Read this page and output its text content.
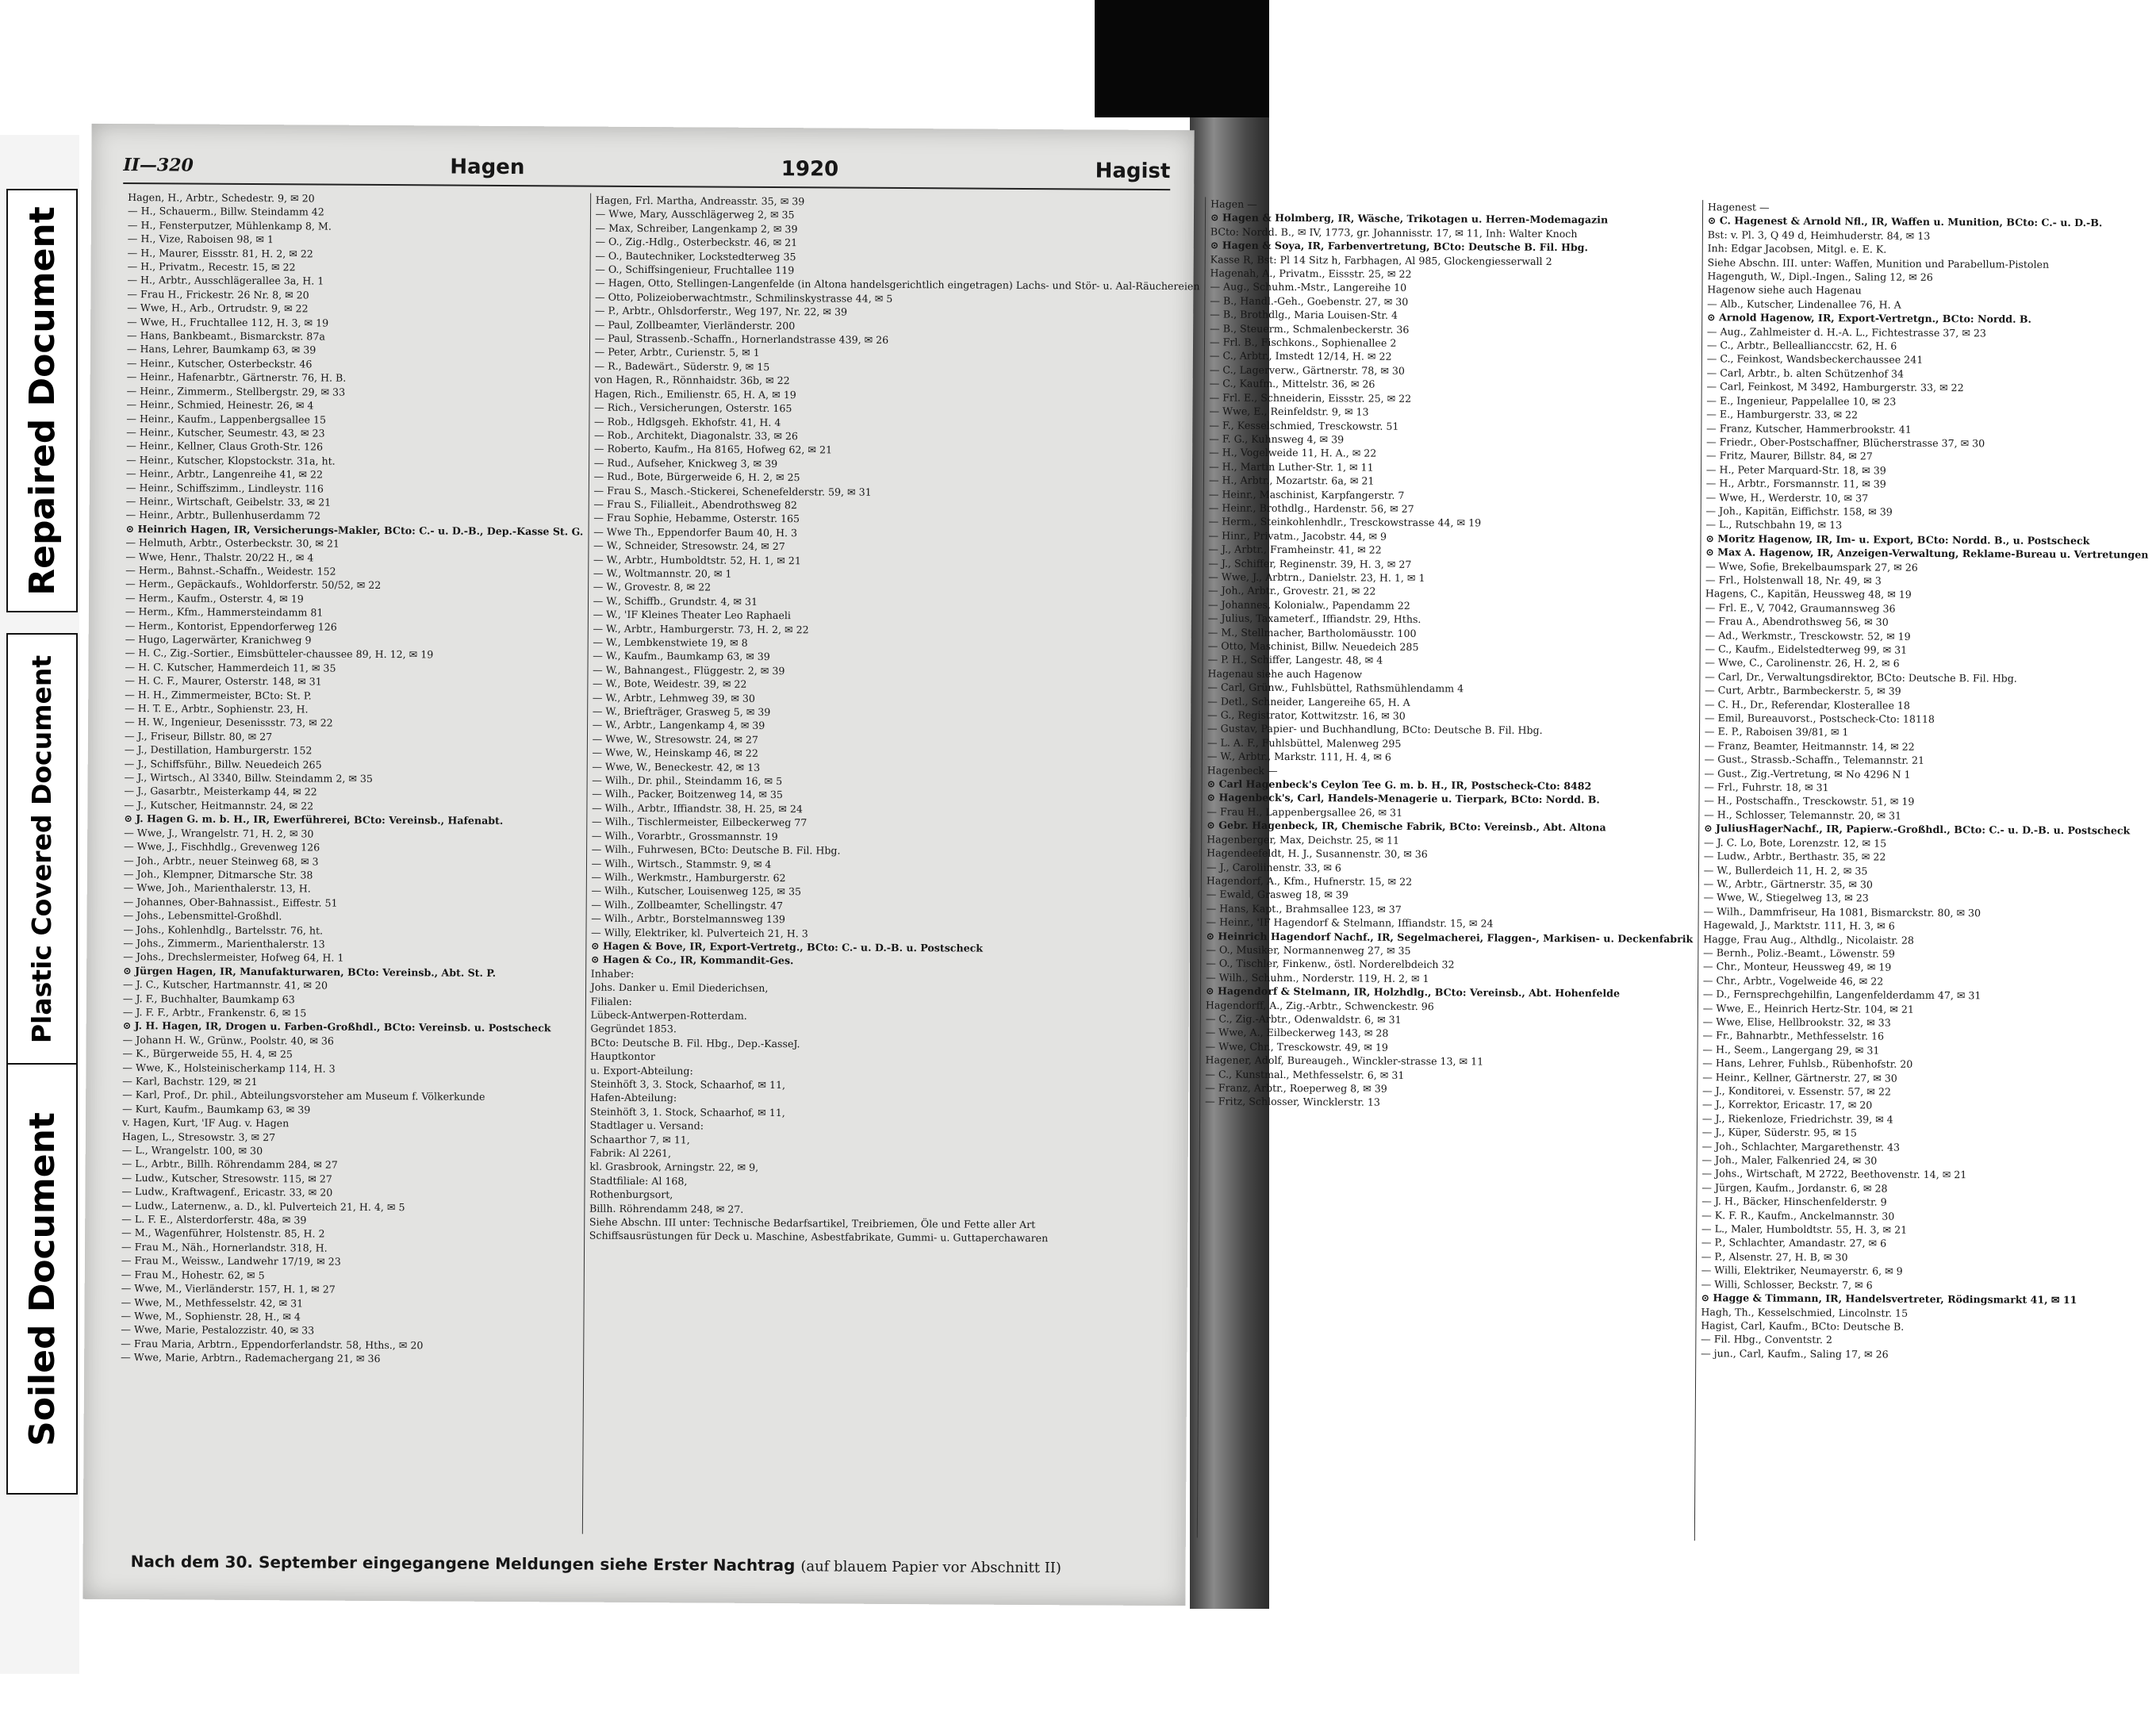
Repaired Document
Plastic Covered Document
Soiled Document
II—320	Hagen	1920	Hagist
Hagen, H., Arbtr., Schedestr. 9, ✉ 20
— H., Schauerm., Billw. Steindamm 42
— H., Fensterputzer, Mühlenkamp 8, M.
— H., Vize, Raboisen 98, ✉ 1
— H., Maurer, Eissstr. 81, H. 2, ✉ 22
— H., Privatm., Recestr. 15, ✉ 22
— H., Arbtr., Ausschlägerallee 3a, H. 1
— Frau H., Frickestr. 26 Nr. 8, ✉ 20
— Wwe, H., Arb., Ortrudstr. 9, ✉ 22
— Wwe, H., Fruchtallee 112, H. 3, ✉ 19
— Hans, Bankbeamt., Bismarckstr. 87a
— Hans, Lehrer, Baumkamp 63, ✉ 39
— Heinr., Kutscher, Osterbeckstr. 46
— Heinr., Hafenarbtr., Gärtnerstr. 76, H. B.
— Heinr., Zimmerm., Stellbergstr. 29, ✉ 33
— Heinr., Schmied, Heinestr. 26, ✉ 4
— Heinr., Kaufm., Lappenbergsallee 15
— Heinr., Kutscher, Seumestr. 43, ✉ 23
— Heinr., Kellner, Claus Groth-Str. 126
— Heinr., Kutscher, Klopstockstr. 31a, ht.
— Heinr., Arbtr., Langenreihe 41, ✉ 22
— Heinr., Schiffszimm., Lindleystr. 116
— Heinr., Wirtschaft, Geibelstr. 33, ✉ 21
— Heinr., Arbtr., Bullenhuserdamm 72
⊙ Heinrich Hagen, IR, Versicherungs-Makler, BCto: C.- u. D.-B., Dep.-Kasse St. G.
— Helmuth, Arbtr., Osterbeckstr. 30, ✉ 21
— Wwe, Henr., Thalstr. 20/22 H., ✉ 4
— Herm., Bahnst.-Schaffn., Weidestr. 152
— Herm., Gepäckaufs., Wohldorferstr. 50/52, ✉ 22
— Herm., Kaufm., Osterstr. 4, ✉ 19
— Herm., Kfm., Hammersteindamm 81
— Herm., Kontorist, Eppendorferweg 126
— Hugo, Lagerwärter, Kranichweg 9
— H. C., Zig.-Sortier., Eimsbütteler-chaussee 89, H. 12, ✉ 19
— H. C. Kutscher, Hammerdeich 11, ✉ 35
— H. C. F., Maurer, Osterstr. 148, ✉ 31
— H. H., Zimmermeister, BCto: St. P.
— H. T. E., Arbtr., Sophienstr. 23, H.
— H. W., Ingenieur, Desenissstr. 73, ✉ 22
— J., Friseur, Billstr. 80, ✉ 27
— J., Destillation, Hamburgerstr. 152
— J., Schiffsführ., Billw. Neuedeich 265
— J., Wirtsch., Al 3340, Billw. Steindamm 2, ✉ 35
— J., Gasarbtr., Meisterkamp 44, ✉ 22
— J., Kutscher, Heitmannstr. 24, ✉ 22
⊙ J. Hagen G. m. b. H., IR, Ewerführerei, BCto: Vereinsb., Hafenabt.
— Wwe, J., Wrangelstr. 71, H. 2, ✉ 30
— Wwe, J., Fischhdlg., Grevenweg 126
— Joh., Arbtr., neuer Steinweg 68, ✉ 3
— Joh., Klempner, Ditmarsche Str. 38
— Wwe, Joh., Marienthalerstr. 13, H.
— Johannes, Ober-Bahnassist., Eiffestr. 51
— Johs., Lebensmittel-Großhdl.
— Johs., Kohlenhdlg., Bartelsstr. 76, ht.
— Johs., Zimmerm., Marienthalerstr. 13
— Johs., Drechslermeister, Hofweg 64, H. 1
⊙ Jürgen Hagen, IR, Manufakturwaren, BCto: Vereinsb., Abt. St. P.
— J. C., Kutscher, Hartmannstr. 41, ✉ 20
— J. F., Buchhalter, Baumkamp 63
— J. F. F., Arbtr., Frankenstr. 6, ✉ 15
⊙ J. H. Hagen, IR, Drogen u. Farben-Großhdl., BCto: Vereinsb. u. Postscheck
— Johann H. W., Grünw., Poolstr. 40, ✉ 36
— K., Bürgerweide 55, H. 4, ✉ 25
— Wwe, K., Holsteinischerkamp 114, H. 3
— Karl, Bachstr. 129, ✉ 21
— Karl, Prof., Dr. phil., Abteilungsvorsteher am Museum f. Völkerkunde
— Kurt, Kaufm., Baumkamp 63, ✉ 39
v. Hagen, Kurt, 'IF Aug. v. Hagen
Hagen, L., Stresowstr. 3, ✉ 27
— L., Wrangelstr. 100, ✉ 30
— L., Arbtr., Billh. Röhrendamm 284, ✉ 27
— Ludw., Kutscher, Stresowstr. 115, ✉ 27
— Ludw., Kraftwagenf., Ericastr. 33, ✉ 20
— Ludw., Laternenw., a. D., kl. Pulverteich 21, H. 4, ✉ 5
— L. F. E., Alsterdorferstr. 48a, ✉ 39
— M., Wagenführer, Holstenstr. 85, H. 2
— Frau M., Näh., Hornerlandstr. 318, H.
— Frau M., Weissw., Landwehr 17/19, ✉ 23
— Frau M., Hohestr. 62, ✉ 5
— Wwe, M., Vierländerstr. 157, H. 1, ✉ 27
— Wwe, M., Methfesselstr. 42, ✉ 31
— Wwe, M., Sophienstr. 28, H., ✉ 4
— Wwe, Marie, Pestalozzistr. 40, ✉ 33
— Frau Maria, Arbtrn., Eppendorferlandstr. 58, Hths., ✉ 20
— Wwe, Marie, Arbtrn., Rademachergang 21, ✉ 36
Hagen, Frl. Martha, Andreasstr. 35, ✉ 39
— Wwe, Mary, Ausschlägerweg 2, ✉ 35
— Max, Schreiber, Langenkamp 2, ✉ 39
— O., Zig.-Hdlg., Osterbeckstr. 46, ✉ 21
— O., Bautechniker, Lockstedterweg 35
— O., Schiffsingenieur, Fruchtallee 119
— Hagen, Otto, Stellingen-Langenfelde (in Altona handelsgerichtlich eingetragen) Lachs- und Stör- u. Aal-Räuchereien
— Otto, Polizeioberwachtmstr., Schmilinskystrasse 44, ✉ 5
— P., Arbtr., Ohlsdorferstr., Weg 197, Nr. 22, ✉ 39
— Paul, Zollbeamter, Vierländerstr. 200
— Paul, Strassenb.-Schaffn., Hornerlandstrasse 439, ✉ 26
— Peter, Arbtr., Curienstr. 5, ✉ 1
— R., Badewärt., Süderstr. 9, ✉ 15
von Hagen, R., Rönnhaidstr. 36b, ✉ 22
Hagen, Rich., Emilienstr. 65, H. A, ✉ 19
— Rich., Versicherungen, Osterstr. 165
— Rob., Hdlgsgeh. Ekhofstr. 41, H. 4
— Rob., Architekt, Diagonalstr. 33, ✉ 26
— Roberto, Kaufm., Ha 8165, Hofweg 62, ✉ 21
— Rud., Aufseher, Knickweg 3, ✉ 39
— Rud., Bote, Bürgerweide 6, H. 2, ✉ 25
— Frau S., Masch.-Stickerei, Schenefelderstr. 59, ✉ 31
— Frau S., Filialleit., Abendrothsweg 82
— Frau Sophie, Hebamme, Osterstr. 165
— Wwe Th., Eppendorfer Baum 40, H. 3
— W., Schneider, Stresowstr. 24, ✉ 27
— W., Arbtr., Humboldtstr. 52, H. 1, ✉ 21
— W., Woltmannstr. 20, ✉ 1
— W., Grovestr. 8, ✉ 22
— W., Schiffb., Grundstr. 4, ✉ 31
— W., 'IF Kleines Theater Leo Raphaeli
— W., Arbtr., Hamburgerstr. 73, H. 2, ✉ 22
— W., Lembkenstwiete 19, ✉ 8
— W., Kaufm., Baumkamp 63, ✉ 39
— W., Bahnangest., Flüggestr. 2, ✉ 39
— W., Bote, Weidestr. 39, ✉ 22
— W., Arbtr., Lehmweg 39, ✉ 30
— W., Briefträger, Grasweg 5, ✉ 39
— W., Arbtr., Langenkamp 4, ✉ 39
— Wwe, W., Stresowstr. 24, ✉ 27
— Wwe, W., Heinskamp 46, ✉ 22
— Wwe, W., Beneckestr. 42, ✉ 13
— Wilh., Dr. phil., Steindamm 16, ✉ 5
— Wilh., Packer, Boitzenweg 14, ✉ 35
— Wilh., Arbtr., Iffiandstr. 38, H. 25, ✉ 24
— Wilh., Tischlermeister, Eilbeckerweg 77
— Wilh., Vorarbtr., Grossmannstr. 19
— Wilh., Fuhrwesen, BCto: Deutsche B. Fil. Hbg.
— Wilh., Wirtsch., Stammstr. 9, ✉ 4
— Wilh., Werkmstr., Hamburgerstr. 62
— Wilh., Kutscher, Louisenweg 125, ✉ 35
— Wilh., Zollbeamter, Schellingstr. 47
— Wilh., Arbtr., Borstelmannsweg 139
— Willy, Elektriker, kl. Pulverteich 21, H. 3
⊙ Hagen & Bove, IR, Export-Vertretg., BCto: C.- u. D.-B. u. Postscheck
⊙ Hagen & Co., IR, Kommandit-Ges.
Inhaber:
Johs. Danker u. Emil Diederichsen,
Filialen:
Lübeck-Antwerpen-Rotterdam.
Gegründet 1853.
BCto: Deutsche B. Fil. Hbg., Dep.-KasseJ.
Hauptkontor
u. Export-Abteilung:
Steinhöft 3, 3. Stock, Schaarhof, ✉ 11,
Hafen-Abteilung:
Steinhöft 3, 1. Stock, Schaarhof, ✉ 11,
Stadtlager u. Versand:
Schaarthor 7, ✉ 11,
Fabrik: Al 2261,
kl. Grasbrook, Arningstr. 22, ✉ 9,
Stadtfiliale: Al 168,
Rothenburgsort,
Billh. Röhrendamm 248, ✉ 27.
Siehe Abschn. III unter: Technische Bedarfsartikel, Treibriemen, Öle und Fette aller Art
Schiffsausrüstungen für Deck u. Maschine, Asbestfabrikate, Gummi- u. Guttaperchawaren
Hagen —
⊙ Hagen & Holmberg, IR, Wäsche, Trikotagen u. Herren-Modemagazin
BCto: Nordd. B., ✉ IV, 1773, gr. Johannisstr. 17, ✉ 11, Inh: Walter Knoch
⊙ Hagen & Soya, IR, Farbenvertretung, BCto: Deutsche B. Fil. Hbg.
Kasse R, Bst: Pl 14 Sitz h, Farbhagen, Al 985, Glockengiesserwall 2
Hagenah, A., Privatm., Eissstr. 25, ✉ 22
— Aug., Schuhm.-Mstr., Langereihe 10
— B., Handl.-Geh., Goebenstr. 27, ✉ 30
— B., Brothdlg., Maria Louisen-Str. 4
— B., Steuerm., Schmalenbeckerstr. 36
— Frl. B., Fischkons., Sophienallee 2
— C., Arbtr., Imstedt 12/14, H. ✉ 22
— C., Lagerverw., Gärtnerstr. 78, ✉ 30
— C., Kaufm., Mittelstr. 36, ✉ 26
— Frl. E., Schneiderin, Eissstr. 25, ✉ 22
— Wwe, E., Reinfeldstr. 9, ✉ 13
— F., Kesselschmied, Tresckowstr. 51
— F. G., Kuhnsweg 4, ✉ 39
— H., Vogelweide 11, H. A., ✉ 22
— H., Martin Luther-Str. 1, ✉ 11
— H., Arbtr., Mozartstr. 6a, ✉ 21
— Heinr., Maschinist, Karpfangerstr. 7
— Heinr., Brothdlg., Hardenstr. 56, ✉ 27
— Herm., Steinkohlenhdlr., Tresckowstrasse 44, ✉ 19
— Hinr., Privatm., Jacobstr. 44, ✉ 9
— J., Arbtr., Framheinstr. 41, ✉ 22
— J., Schiffer, Reginenstr. 39, H. 3, ✉ 27
— Wwe, J., Arbtrn., Danielstr. 23, H. 1, ✉ 1
— Joh., Arbtr., Grovestr. 21, ✉ 22
— Johannes, Kolonialw., Papendamm 22
— Julius, Taxameterf., Iffiandstr. 29, Hths.
— M., Stellmacher, Bartholomäusstr. 100
— Otto, Maschinist, Billw. Neuedeich 285
— P. H., Schiffer, Langestr. 48, ✉ 4
Hagenau siehe auch Hagenow
— Carl, Grünw., Fuhlsbüttel, Rathsmühlendamm 4
— Detl., Schneider, Langereihe 65, H. A
— G., Registrator, Kottwitzstr. 16, ✉ 30
— Gustav, Papier- und Buchhandlung, BCto: Deutsche B. Fil. Hbg.
— L. A. F., Fuhlsbüttel, Malenweg 295
— W., Arbtr., Markstr. 111, H. 4, ✉ 6
Hagenbeck —
⊙ Carl Hagenbeck's Ceylon Tee G. m. b. H., IR, Postscheck-Cto: 8482
⊙ Hagenbeck's, Carl, Handels-Menagerie u. Tierpark, BCto: Nordd. B.
— Frau H., Lappenbergsallee 26, ✉ 31
⊙ Gebr. Hagenbeck, IR, Chemische Fabrik, BCto: Vereinsb., Abt. Altona
Hagenberger, Max, Deichstr. 25, ✉ 11
Hagendeefeldt, H. J., Susannenstr. 30, ✉ 36
— J., Caroliinenstr. 33, ✉ 6
Hagendorf, A., Kfm., Hufnerstr. 15, ✉ 22
— Ewald, Grasweg 18, ✉ 39
— Hans, Kapt., Brahmsallee 123, ✉ 37
— Heinr., 'IF Hagendorf & Stelmann, Iffiandstr. 15, ✉ 24
⊙ Heinrich Hagendorf Nachf., IR, Segelmacherei, Flaggen-, Markisen- u. Deckenfabrik
— O., Musiker, Normannenweg 27, ✉ 35
— O., Tischler, Finkenw., östl. Norderelbdeich 32
— Wilh., Schuhm., Norderstr. 119, H. 2, ✉ 1
⊙ Hagendorf & Stelmann, IR, Holzhdlg., BCto: Vereinsb., Abt. Hohenfelde
Hagendorff, A., Zig.-Arbtr., Schwenckestr. 96
— C., Zig.-Arbtr., Odenwaldstr. 6, ✉ 31
— Wwe, A., Eilbeckerweg 143, ✉ 28
— Wwe, Chr., Tresckowstr. 49, ✉ 19
Hagener, Adolf, Bureaugeh., Winckler-strasse 13, ✉ 11
— C., Kunstmal., Methfesselstr. 6, ✉ 31
— Franz, Arbtr., Roeperweg 8, ✉ 39
— Fritz, Schlosser, Wincklerstr. 13
Hagenest —
⊙ C. Hagenest & Arnold Nfl., IR, Waffen u. Munition, BCto: C.- u. D.-B.
Bst: v. Pl. 3, Q 49 d, Heimhuderstr. 84, ✉ 13
Inh: Edgar Jacobsen, Mitgl. e. E. K.
Siehe Abschn. III. unter: Waffen, Munition und Parabellum-Pistolen
Hagenguth, W., Dipl.-Ingen., Saling 12, ✉ 26
Hagenow siehe auch Hagenau
— Alb., Kutscher, Lindenallee 76, H. A
⊙ Arnold Hagenow, IR, Export-Vertretgn., BCto: Nordd. B.
— Aug., Zahlmeister d. H.-A. L., Fichtestrasse 37, ✉ 23
— C., Arbtr., Belleallianccstr. 62, H. 6
— C., Feinkost, Wandsbeckerchaussee 241
— Carl, Arbtr., b. alten Schützenhof 34
— Carl, Feinkost, M 3492, Hamburgerstr. 33, ✉ 22
— E., Ingenieur, Pappelallee 10, ✉ 23
— E., Hamburgerstr. 33, ✉ 22
— Franz, Kutscher, Hammerbrookstr. 41
— Friedr., Ober-Postschaffner, Blücherstrasse 37, ✉ 30
— Fritz, Maurer, Billstr. 84, ✉ 27
— H., Peter Marquard-Str. 18, ✉ 39
— H., Arbtr., Forsmannstr. 11, ✉ 39
— Wwe, H., Werderstr. 10, ✉ 37
— Joh., Kapitän, Eiffichstr. 158, ✉ 39
— L., Rutschbahn 19, ✉ 13
⊙ Moritz Hagenow, IR, Im- u. Export, BCto: Nordd. B., u. Postscheck
⊙ Max A. Hagenow, IR, Anzeigen-Verwaltung, Reklame-Bureau u. Vertretungen
— Wwe, Sofie, Brekelbaumspark 27, ✉ 26
— Frl., Holstenwall 18, Nr. 49, ✉ 3
Hagens, C., Kapitän, Heussweg 48, ✉ 19
— Frl. E., V, 7042, Graumannsweg 36
— Frau A., Abendrothsweg 56, ✉ 30
— Ad., Werkmstr., Tresckowstr. 52, ✉ 19
— C., Kaufm., Eidelstedterweg 99, ✉ 31
— Wwe, C., Carolinenstr. 26, H. 2, ✉ 6
— Carl, Dr., Verwaltungsdirektor, BCto: Deutsche B. Fil. Hbg.
— Curt, Arbtr., Barmbeckerstr. 5, ✉ 39
— C. H., Dr., Referendar, Klosterallee 18
— Emil, Bureauvorst., Postscheck-Cto: 18118
— E. P., Raboisen 39/81, ✉ 1
— Franz, Beamter, Heitmannstr. 14, ✉ 22
— Gust., Strassb.-Schaffn., Telemannstr. 21
— Gust., Zig.-Vertretung, ✉ No 4296 N 1
— Frl., Fuhrstr. 18, ✉ 31
— H., Postschaffn., Tresckowstr. 51, ✉ 19
— H., Schlosser, Telemannstr. 20, ✉ 31
⊙ JuliusHagerNachf., IR, Papierw.-Großhdl., BCto: C.- u. D.-B. u. Postscheck
— J. C. Lo, Bote, Lorenzstr. 12, ✉ 15
— Ludw., Arbtr., Berthastr. 35, ✉ 22
— W., Bullerdeich 11, H. 2, ✉ 35
— W., Arbtr., Gärtnerstr. 35, ✉ 30
— Wwe, W., Stiegelweg 13, ✉ 23
— Wilh., Dammfriseur, Ha 1081, Bismarckstr. 80, ✉ 30
Hagewald, J., Marktstr. 111, H. 3, ✉ 6
Hagge, Frau Aug., Althdlg., Nicolaistr. 28
— Bernh., Poliz.-Beamt., Löwenstr. 59
— Chr., Monteur, Heussweg 49, ✉ 19
— Chr., Arbtr., Vogelweide 46, ✉ 22
— D., Fernsprechgehilfin, Langenfelderdamm 47, ✉ 31
— Wwe, E., Heinrich Hertz-Str. 104, ✉ 21
— Wwe, Elise, Hellbrookstr. 32, ✉ 33
— Fr., Bahnarbtr., Methfesselstr. 16
— H., Seem., Langergang 29, ✉ 31
— Hans, Lehrer, Fuhlsb., Rübenhofstr. 20
— Heinr., Kellner, Gärtnerstr. 27, ✉ 30
— J., Konditorei, v. Essenstr. 57, ✉ 22
— J., Korrektor, Ericastr. 17, ✉ 20
— J., Riekenloze, Friedrichstr. 39, ✉ 4
— J., Küper, Süderstr. 95, ✉ 15
— Joh., Schlachter, Margarethenstr. 43
— Joh., Maler, Falkenried 24, ✉ 30
— Johs., Wirtschaft, M 2722, Beethovenstr. 14, ✉ 21
— Jürgen, Kaufm., Jordanstr. 6, ✉ 28
— J. H., Bäcker, Hinschenfelderstr. 9
— K. F. R., Kaufm., Anckelmannstr. 30
— L., Maler, Humboldtstr. 55, H. 3, ✉ 21
— P., Schlachter, Amandastr. 27, ✉ 6
— P., Alsenstr. 27, H. B, ✉ 30
— Willi, Elektriker, Neumayerstr. 6, ✉ 9
— Willi, Schlosser, Beckstr. 7, ✉ 6
⊙ Hagge & Timmann, IR, Handelsvertreter, Rödingsmarkt 41, ✉ 11
Hagh, Th., Kesselschmied, Lincolnstr. 15
Hagist, Carl, Kaufm., BCto: Deutsche B.
— Fil. Hbg., Conventstr. 2
— jun., Carl, Kaufm., Saling 17, ✉ 26
Nach dem 30. September eingegangene Meldungen siehe Erster Nachtrag (auf blauem Papier vor Abschnitt II)
